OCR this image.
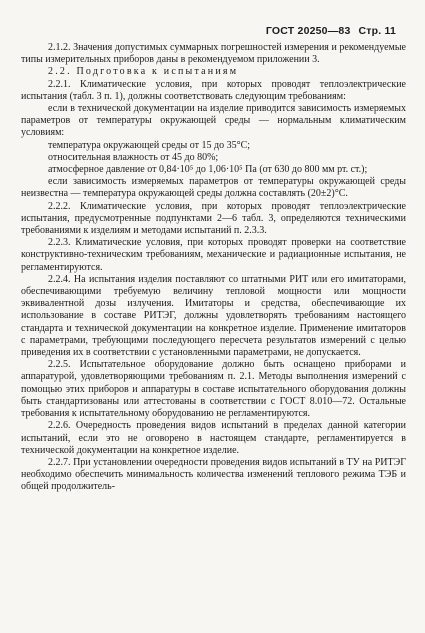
ГОСТ 20250—83 Стр. 11

2.1.2. Значения допустимых суммарных погрешностей измерения и рекомендуемые типы измерительных приборов даны в рекомендуемом приложении 3.

2.2. Подготовка к испытаниям

2.2.1. Климатические условия, при которых проводят теплоэлектрические испытания (табл. 3 п. 1), должны соответствовать следующим требованиям:

если в технической документации на изделие приводится зависимость измеряемых параметров от температуры окружающей среды — нормальным климатическим условиям:

температура окружающей среды от 15 до 35°С;

относительная влажность от 45 до 80%;

атмосферное давление от 0,84·10⁵ до 1,06·10⁵ Па (от 630 до 800 мм рт. ст.);

если зависимость измеряемых параметров от температуры окружающей среды неизвестна — температура окружающей среды должна составлять (20±2)°С.

2.2.2. Климатические условия, при которых проводят теплоэлектрические испытания, предусмотренные подпунктами 2—6 табл. 3, определяются техническими требованиями к изделиям и методами испытаний п. 2.3.3.

2.2.3. Климатические условия, при которых проводят проверки на соответствие конструктивно-техническим требованиям, механические и радиационные испытания, не регламентируются.

2.2.4. На испытания изделия поставляют со штатными РИТ или его имитаторами, обеспечивающими требуемую величину тепловой мощности или мощности эквивалентной дозы излучения. Имитаторы и средства, обеспечивающие их использование в составе РИТЭГ, должны удовлетворять требованиям настоящего стандарта и технической документации на конкретное изделие. Применение имитаторов с параметрами, требующими последующего пересчета результатов измерений с целью приведения их в соответствии с установленными параметрами, не допускается.

2.2.5. Испытательное оборудование должно быть оснащено приборами и аппаратурой, удовлетворяющими требованиям п. 2.1. Методы выполнения измерений с помощью этих приборов и аппаратуры в составе испытательного оборудования должны быть стандартизованы или аттестованы в соответствии с ГОСТ 8.010—72. Остальные требования к испытательному оборудованию не регламентируются.

2.2.6. Очередность проведения видов испытаний в пределах данной категории испытаний, если это не оговорено в настоящем стандарте, регламентируется в технической документации на конкретное изделие.

2.2.7. При установлении очередности проведения видов испытаний в ТУ на РИТЭГ необходимо обеспечить минимальность количества изменений теплового режима ТЭБ и общей продолжитель-
